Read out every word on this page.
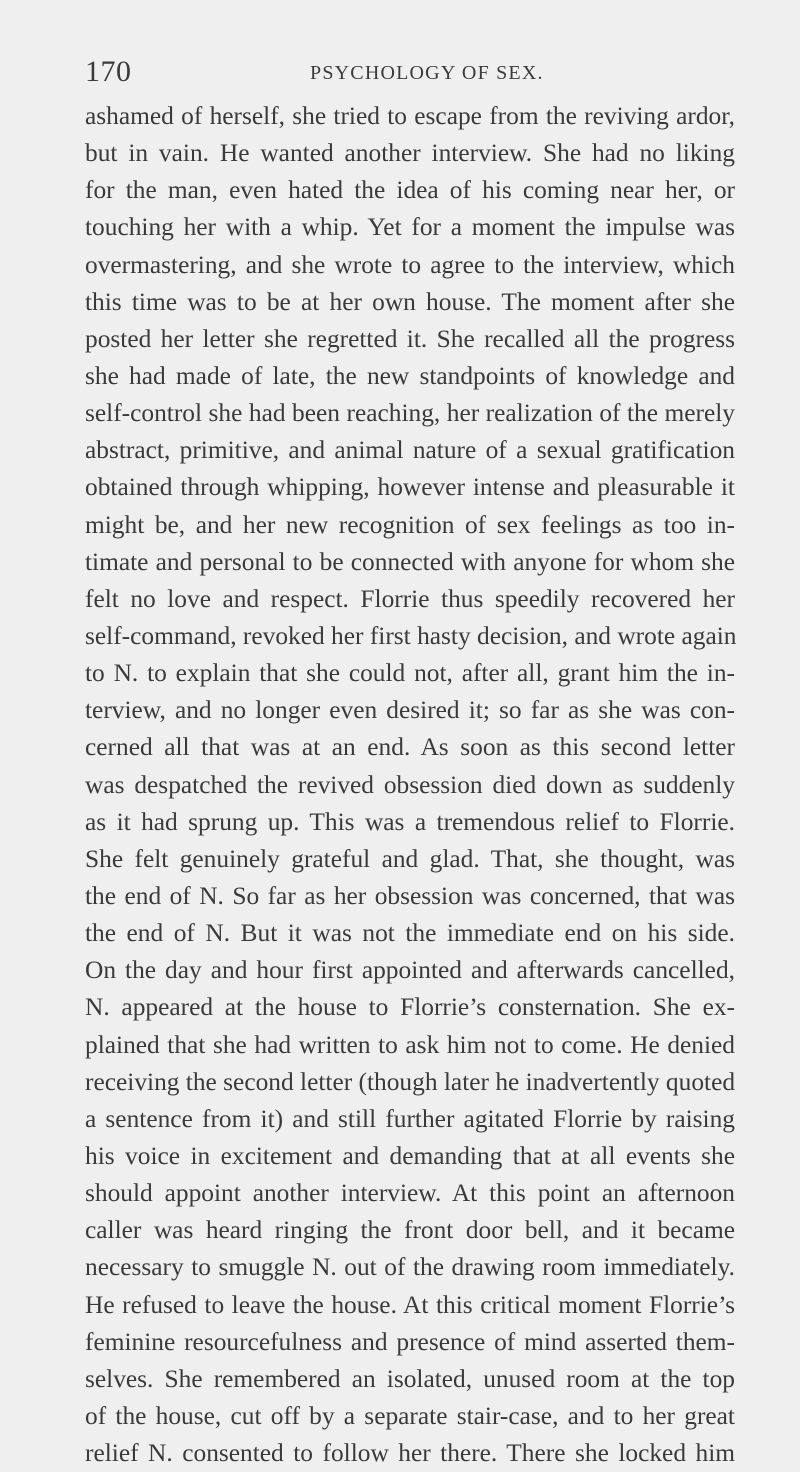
170	PSYCHOLOGY OF SEX.
ashamed of herself, she tried to escape from the reviving ardor,
but in vain. He wanted another interview. She had no liking
for the man, even hated the idea of his coming near her, or
touching her with a whip. Yet for a moment the impulse was
overmastering, and she wrote to agree to the interview, which
this time was to be at her own house. The moment after she
posted her letter she regretted it. She recalled all the progress
she had made of late, the new standpoints of knowledge and
self-control she had been reaching, her realization of the merely
abstract, primitive, and animal nature of a sexual gratification
obtained through whipping, however intense and pleasurable it
might be, and her new recognition of sex feelings as too in-
timate and personal to be connected with anyone for whom she
felt no love and respect. Florrie thus speedily recovered her
self-command, revoked her first hasty decision, and wrote again
to N. to explain that she could not, after all, grant him the in-
terview, and no longer even desired it; so far as she was con-
cerned all that was at an end. As soon as this second letter
was despatched the revived obsession died down as suddenly
as it had sprung up. This was a tremendous relief to Florrie.
She felt genuinely grateful and glad. That, she thought, was
the end of N. So far as her obsession was concerned, that was
the end of N. But it was not the immediate end on his side.
On the day and hour first appointed and afterwards cancelled,
N. appeared at the house to Florrie’s consternation. She ex-
plained that she had written to ask him not to come. He denied
receiving the second letter (though later he inadvertently quoted
a sentence from it) and still further agitated Florrie by raising
his voice in excitement and demanding that at all events she
should appoint another interview. At this point an afternoon
caller was heard ringing the front door bell, and it became
necessary to smuggle N. out of the drawing room immediately.
He refused to leave the house. At this critical moment Florrie’s
feminine resourcefulness and presence of mind asserted them-
selves. She remembered an isolated, unused room at the top
of the house, cut off by a separate stair-case, and to her great
relief N. consented to follow her there. There she locked him
